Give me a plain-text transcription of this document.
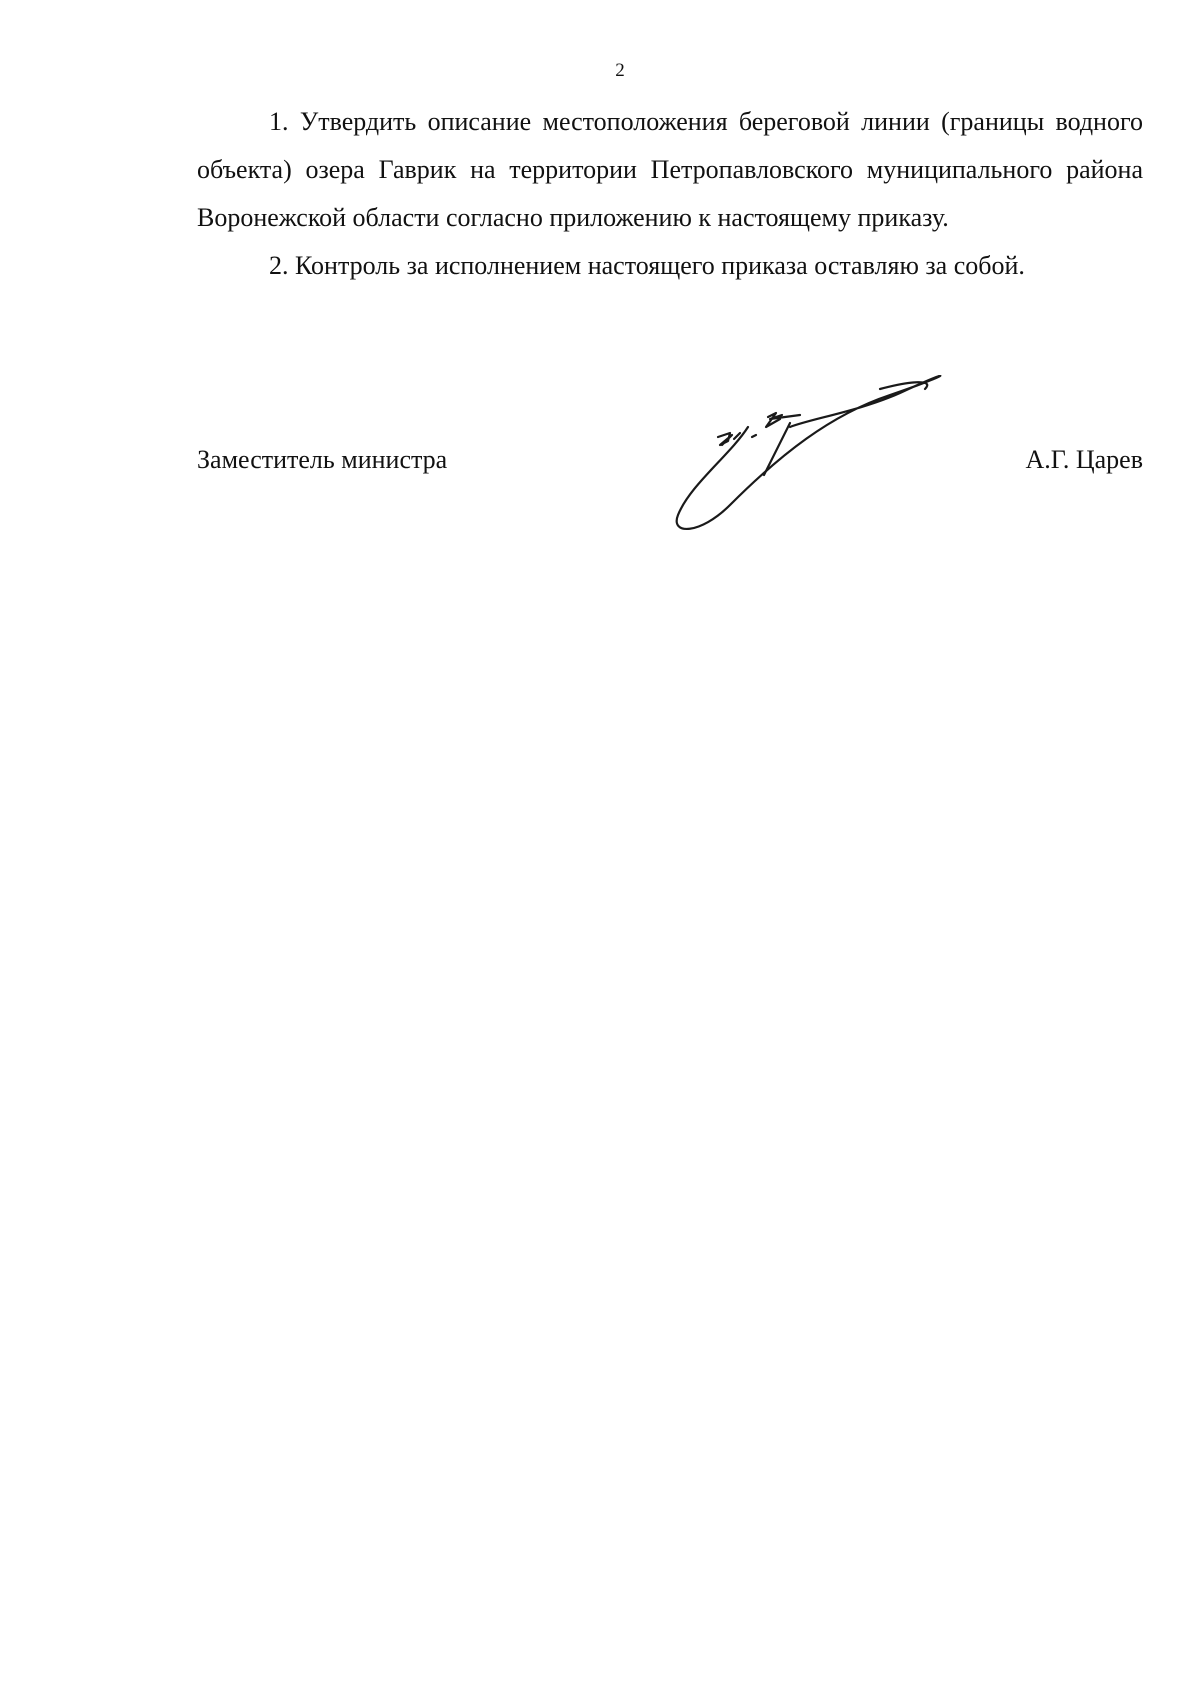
2

1. Утвердить описание местоположения береговой линии (границы водного объекта) озера Гаврик на территории Петропавловского муниципального района Воронежской области согласно приложению к настоящему приказу.

2. Контроль за исполнением настоящего приказа оставляю за собой.

Заместитель министра	А.Г. Царев
